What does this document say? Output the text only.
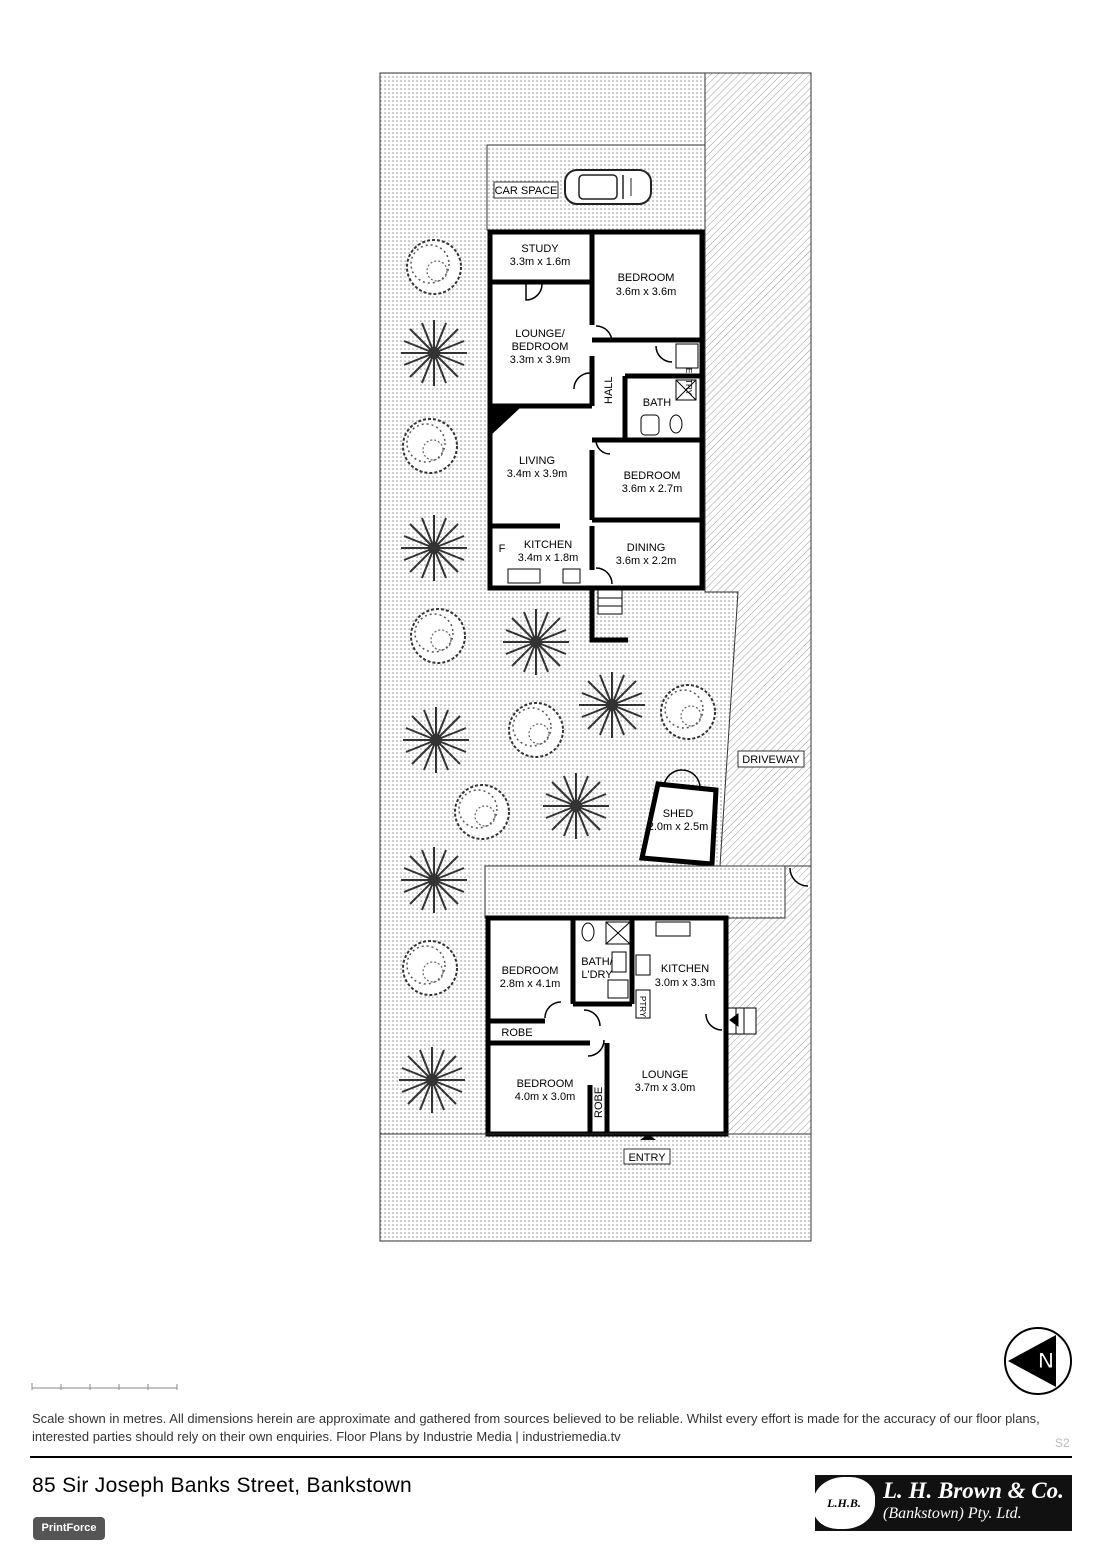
DRIVEWAY
CAR SPACE
STUDY
3.3m x 1.6m
BEDROOM
3.6m x 3.6m
LOUNGE/
BEDROOM
3.3m x 3.9m
HALL	ENTRY
BATH
LIVING
3.4m x 3.9m	BEDROOM
3.6m x 2.7m
F KITCHEN
3.4m x 1.8m
DINING
3.6m x 2.2m
SHED
2.0m x 2.5m
BEDROOM
2.8m x 4.1m
BATH/
L'DRY	KITCHEN
3.0m x 3.3m
PTRY
ROBE
BEDROOM
4.0m x 3.0m ROBE
LOUNGE
3.7m x 3.0m
ENTRY
N
Scale shown in metres. All dimensions herein are approximate and gathered from sources believed to be reliable. Whilst every effort is made for the accuracy of our floor plans, interested parties should rely on their own enquiries. Floor Plans by Industrie Media | industriemedia.tv	S2
85 Sir Joseph Banks Street, Bankstown
PrintForce
L.H.B. L. H. Brown & Co.
(Bankstown) Pty. Ltd.
